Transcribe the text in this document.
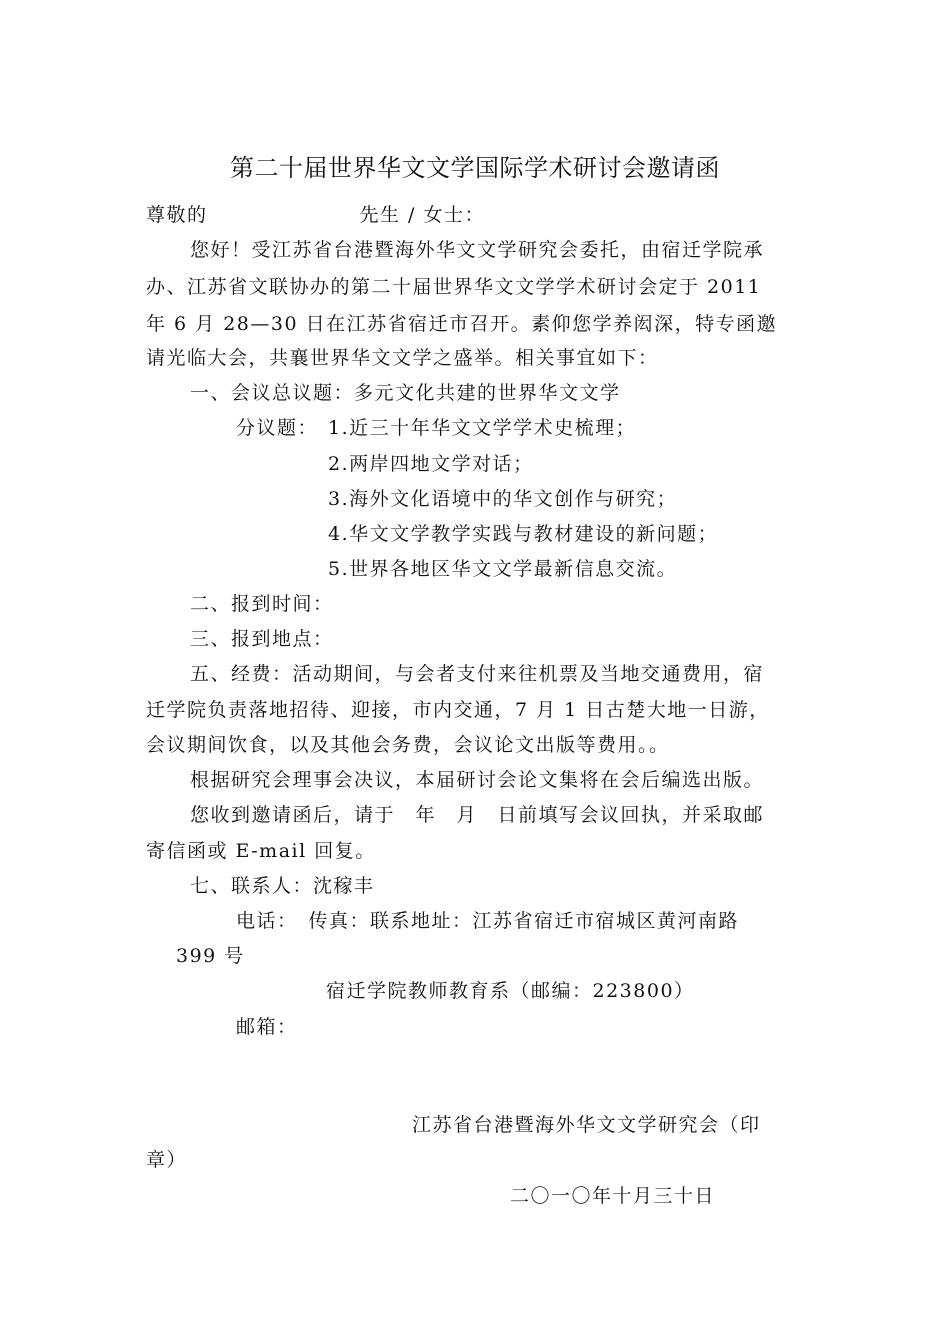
第二十届世界华文文学国际学术研讨会邀请函
尊敬的	先生 / 女士：
您好！受江苏省台港暨海外华文文学研究会委托，由宿迁学院承
办、江苏省文联协办的第二十届世界华文文学学术研讨会定于 2011
年 6 月 28—30 日在江苏省宿迁市召开。素仰您学养闳深，特专函邀
请光临大会，共襄世界华文文学之盛举。相关事宜如下：
一、会议总议题：多元文化共建的世界华文文学
分议题： 1.近三十年华文文学学术史梳理；
2.两岸四地文学对话；
3.海外文化语境中的华文创作与研究；
4.华文文学教学实践与教材建设的新问题；
5.世界各地区华文文学最新信息交流。
二、报到时间：
三、报到地点：
五、经费：活动期间，与会者支付来往机票及当地交通费用，宿
迁学院负责落地招待、迎接，市内交通，7 月 1 日古楚大地一日游，
会议期间饮食，以及其他会务费，会议论文出版等费用。。
根据研究会理事会决议，本届研讨会论文集将在会后编选出版。
您收到邀请函后，请于　年　月　日前填写会议回执，并采取邮
寄信函或 E-mail 回复。
七、联系人：沈稼丰
电话：　传真：联系地址：江苏省宿迁市宿城区黄河南路
399 号
宿迁学院教师教育系（邮编：223800）
邮箱：
江苏省台港暨海外华文文学研究会（印
章）
二〇一〇年十月三十日
